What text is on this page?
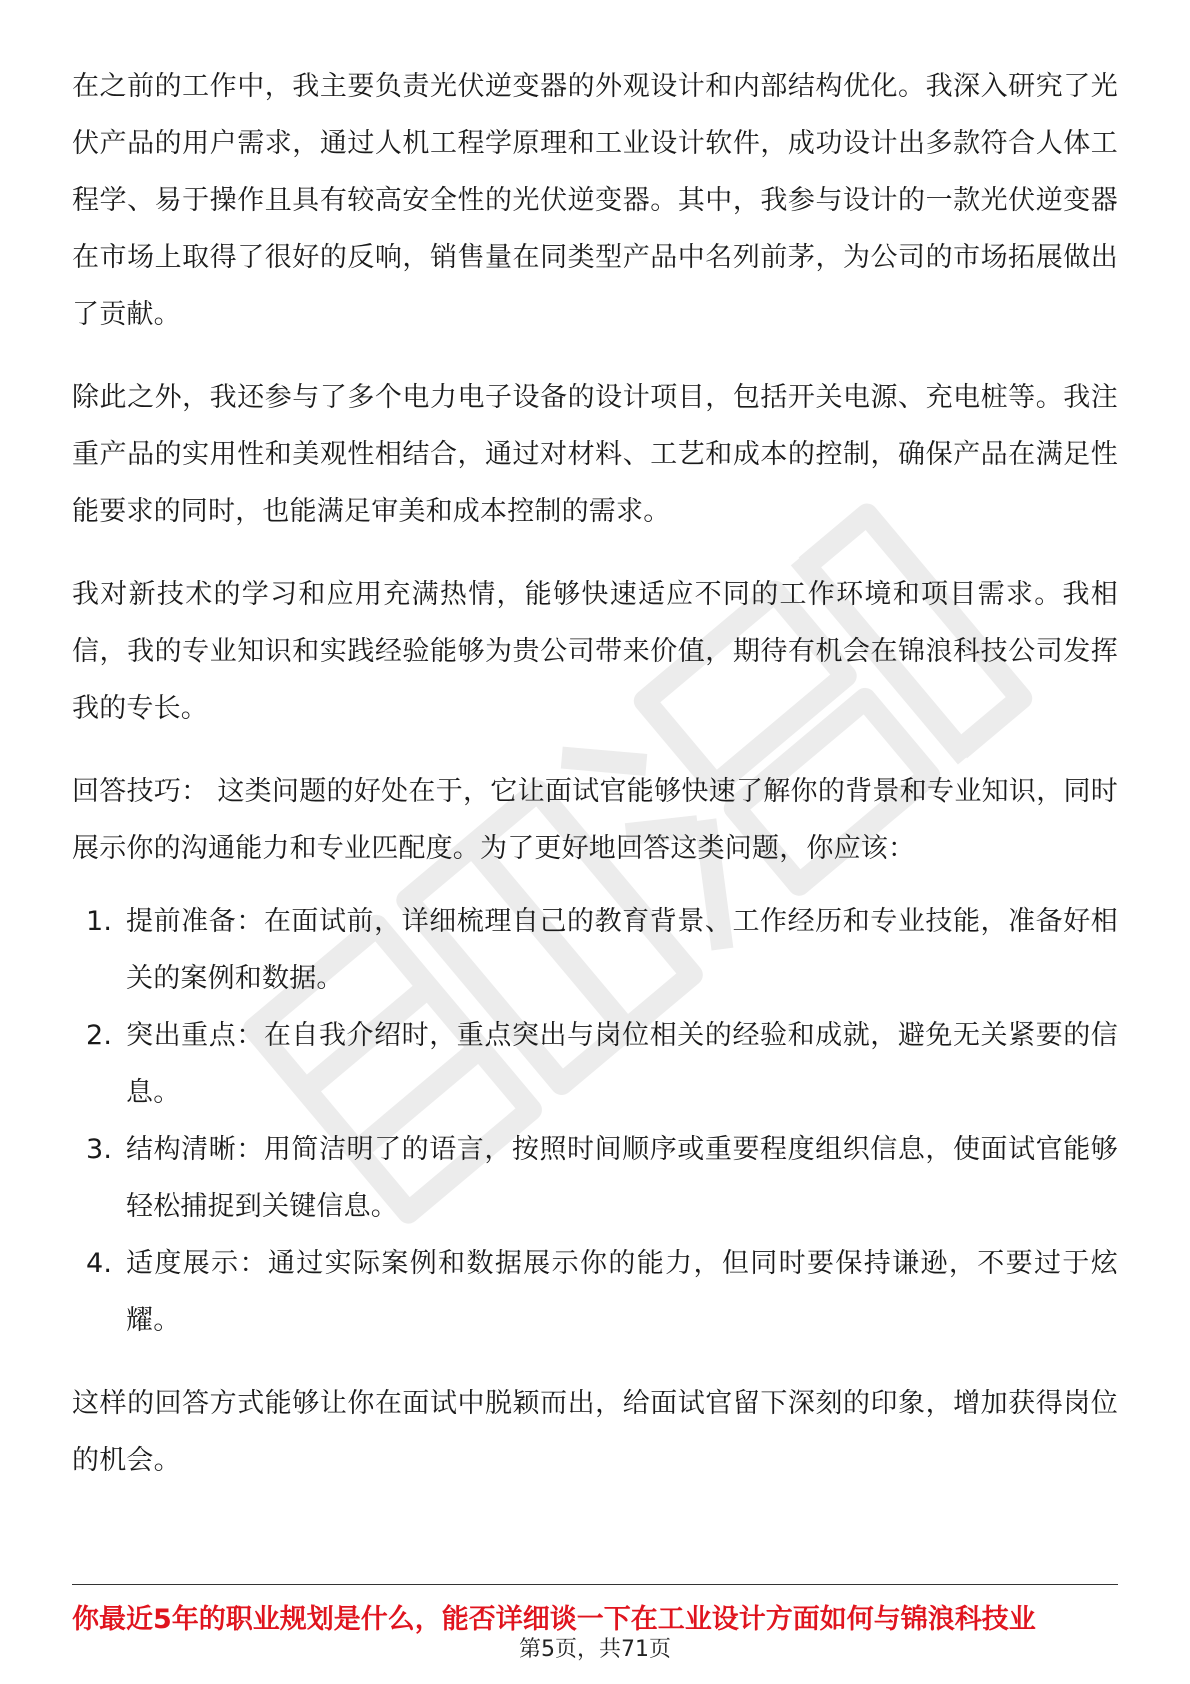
在之前的工作中，我主要负责光伏逆变器的外观设计和内部结构优化。我深入研究了光伏产品的用户需求，通过人机工程学原理和工业设计软件，成功设计出多款符合人体工程学、易于操作且具有较高安全性的光伏逆变器。其中，我参与设计的一款光伏逆变器在市场上取得了很好的反响，销售量在同类型产品中名列前茅，为公司的市场拓展做出了贡献。

除此之外，我还参与了多个电力电子设备的设计项目，包括开关电源、充电桩等。我注重产品的实用性和美观性相结合，通过对材料、工艺和成本的控制，确保产品在满足性能要求的同时，也能满足审美和成本控制的需求。

我对新技术的学习和应用充满热情，能够快速适应不同的工作环境和项目需求。我相信，我的专业知识和实践经验能够为贵公司带来价值，期待有机会在锦浪科技公司发挥我的专长。

回答技巧： 这类问题的好处在于，它让面试官能够快速了解你的背景和专业知识，同时展示你的沟通能力和专业匹配度。为了更好地回答这类问题，你应该：

1. 提前准备：在面试前，详细梳理自己的教育背景、工作经历和专业技能，准备好相关的案例和数据。
2. 突出重点：在自我介绍时，重点突出与岗位相关的经验和成就，避免无关紧要的信息。
3. 结构清晰：用简洁明了的语言，按照时间顺序或重要程度组织信息，使面试官能够轻松捕捉到关键信息。
4. 适度展示：通过实际案例和数据展示你的能力，但同时要保持谦逊，不要过于炫耀。

这样的回答方式能够让你在面试中脱颖而出，给面试官留下深刻的印象，增加获得岗位的机会。

你最近5年的职业规划是什么，能否详细谈一下在工业设计方面如何与锦浪科技业
第5页，共71页
